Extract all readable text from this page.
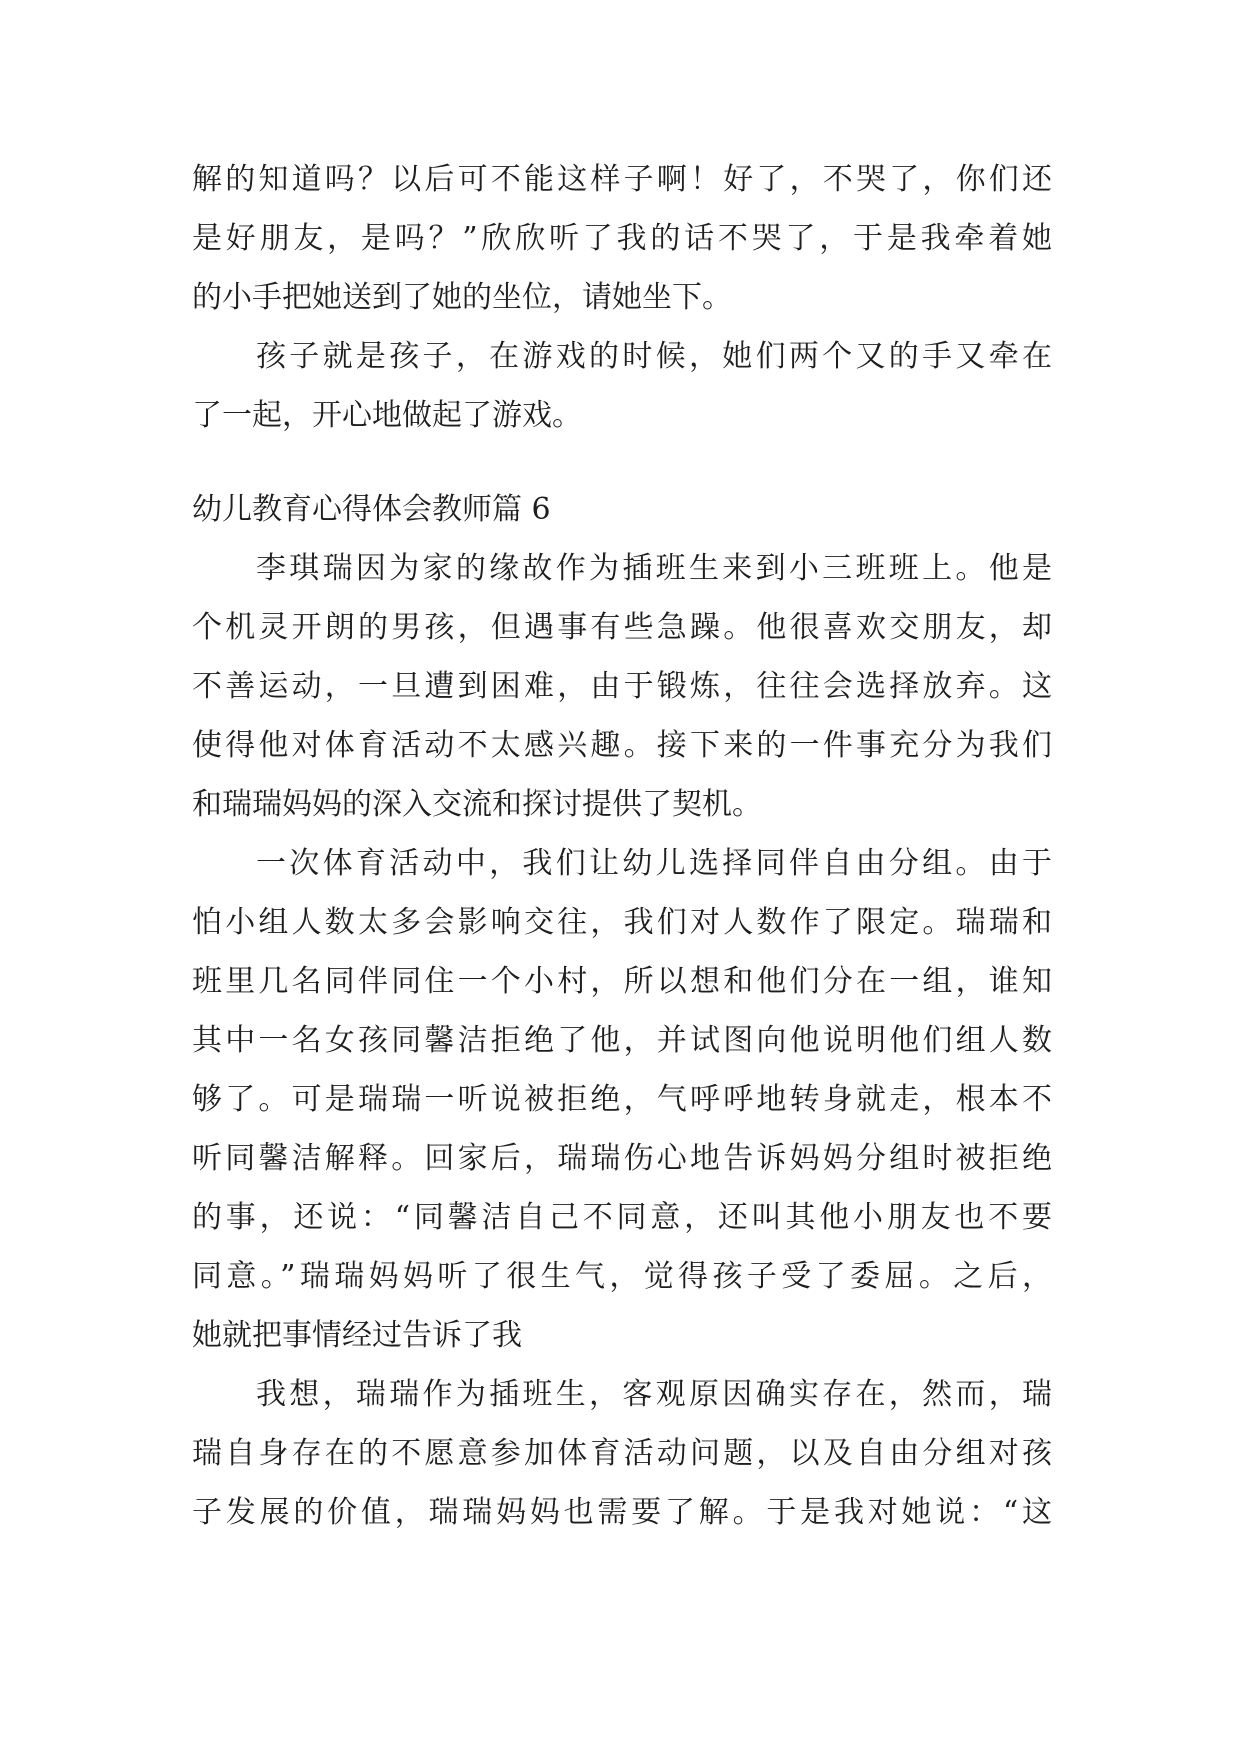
解的知道吗？以后可不能这样子啊！好了，不哭了，你们还
是好朋友，是吗？”欣欣听了我的话不哭了，于是我牵着她
的小手把她送到了她的坐位，请她坐下。
孩子就是孩子，在游戏的时候，她们两个又的手又牵在
了一起，开心地做起了游戏。
幼儿教育心得体会教师篇 6
李琪瑞因为家的缘故作为插班生来到小三班班上。他是
个机灵开朗的男孩，但遇事有些急躁。他很喜欢交朋友，却
不善运动，一旦遭到困难，由于锻炼，往往会选择放弃。这
使得他对体育活动不太感兴趣。接下来的一件事充分为我们
和瑞瑞妈妈的深入交流和探讨提供了契机。
一次体育活动中，我们让幼儿选择同伴自由分组。由于
怕小组人数太多会影响交往，我们对人数作了限定。瑞瑞和
班里几名同伴同住一个小村，所以想和他们分在一组，谁知
其中一名女孩同馨洁拒绝了他，并试图向他说明他们组人数
够了。可是瑞瑞一听说被拒绝，气呼呼地转身就走，根本不
听同馨洁解释。回家后，瑞瑞伤心地告诉妈妈分组时被拒绝
的事，还说：“同馨洁自己不同意，还叫其他小朋友也不要
同意。”瑞瑞妈妈听了很生气，觉得孩子受了委屈。之后，
她就把事情经过告诉了我
我想，瑞瑞作为插班生，客观原因确实存在，然而，瑞
瑞自身存在的不愿意参加体育活动问题，以及自由分组对孩
子发展的价值，瑞瑞妈妈也需要了解。于是我对她说：“这
